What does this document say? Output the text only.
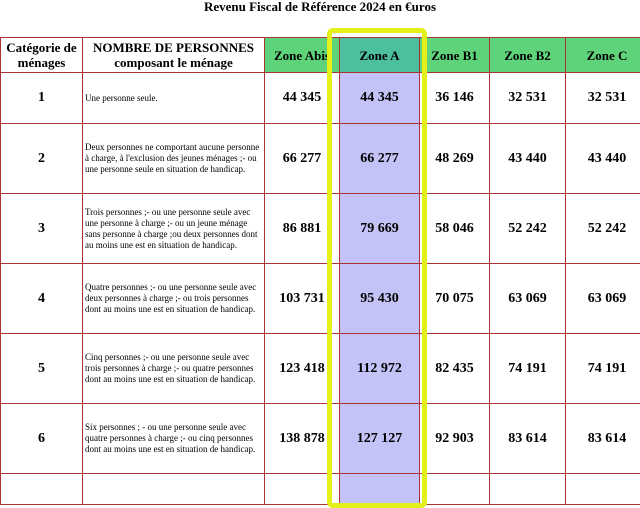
Revenu Fiscal de Référence 2024 en €uros
Catégorie de ménages	NOMBRE DE PERSONNES composant le ménage	Zone Abis	Zone A	Zone B1	Zone B2	Zone C
1	Une personne seule.	44 345	44 345	36 146	32 531	32 531
2	Deux personnes ne comportant aucune personne à charge, à l'exclusion des jeunes ménages ;- ou une personne seule en situation de handicap.	66 277	66 277	48 269	43 440	43 440
3	Trois personnes ;- ou une personne seule avec une personne à charge ;- ou un jeune ménage sans personne à charge ;ou deux personnes dont au moins une est en situation de handicap.	86 881	79 669	58 046	52 242	52 242
4	Quatre personnes ;- ou une personne seule avec deux personnes à charge ;- ou trois personnes dont au moins une est en situation de handicap.	103 731	95 430	70 075	63 069	63 069
5	Cinq personnes ;- ou une personne seule avec trois personnes à charge ;- ou quatre personnes dont au moins une est en situation de handicap.	123 418	112 972	82 435	74 191	74 191
6	Six personnes ; - ou une personne seule avec quatre personnes à charge ;- ou cinq personnes dont au moins une est en situation de handicap.	138 878	127 127	92 903	83 614	83 614
